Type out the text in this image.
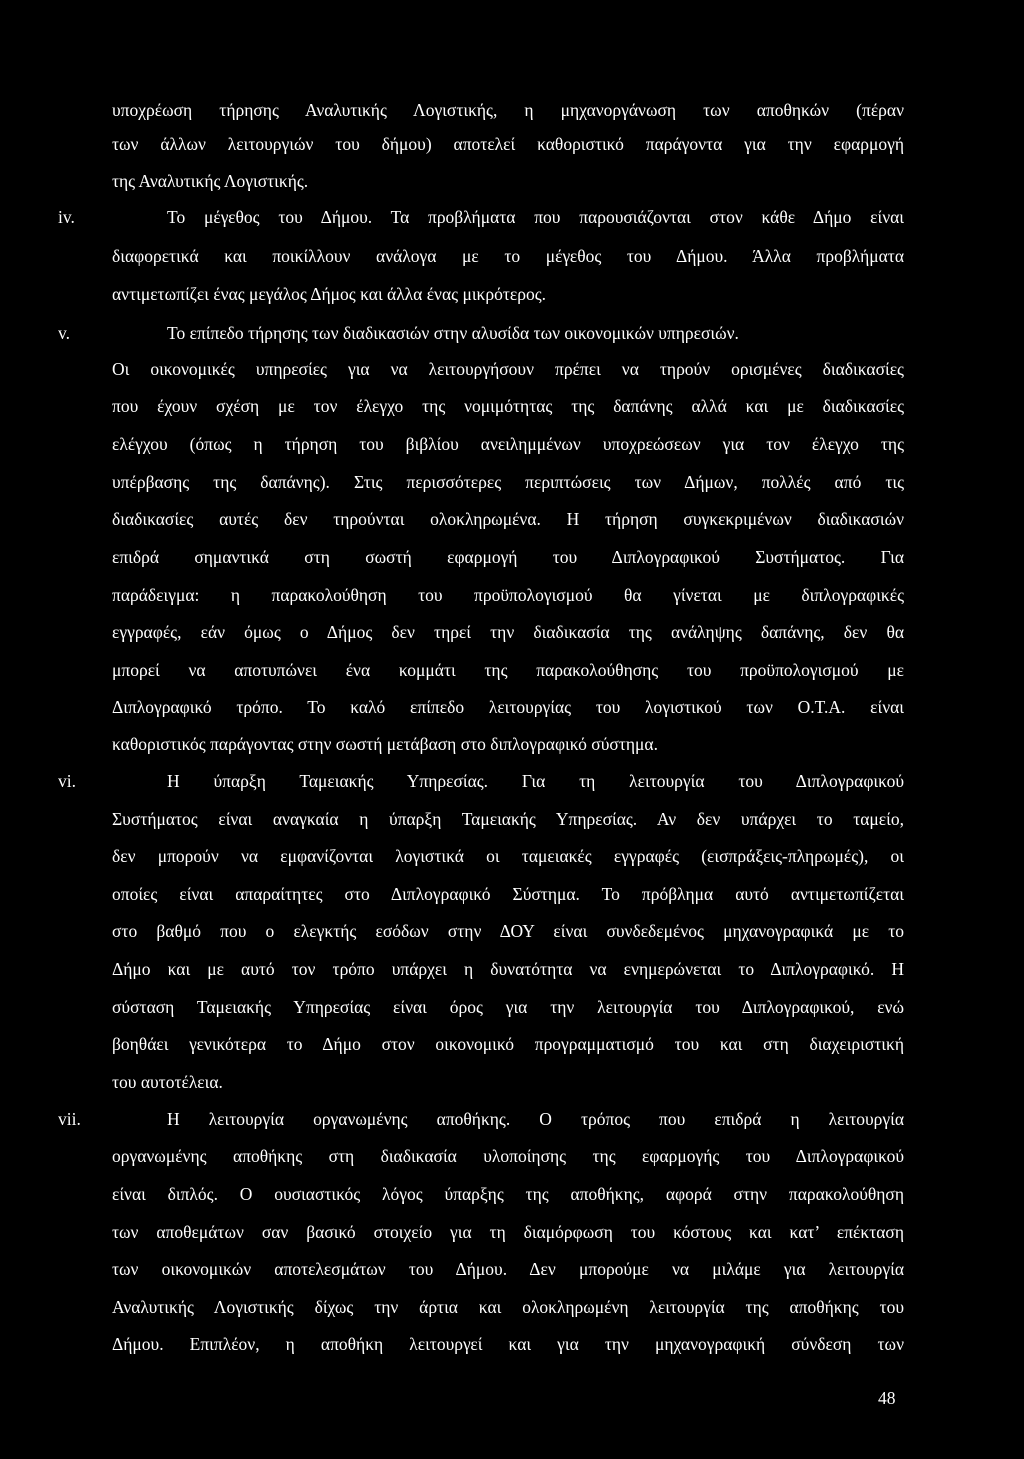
υποχρέωση τήρησης Αναλυτικής Λογιστικής, η μηχανοργάνωση των αποθηκών (πέραν
των άλλων λειτουργιών του δήμου) αποτελεί καθοριστικό παράγοντα για την εφαρμογή
της Αναλυτικής Λογιστικής.
iv.	Το μέγεθος του Δήμου. Τα προβλήματα που παρουσιάζονται στον κάθε Δήμο είναι
διαφορετικά και ποικίλλουν ανάλογα με το μέγεθος του Δήμου. Άλλα προβλήματα
αντιμετωπίζει ένας μεγάλος Δήμος και άλλα ένας μικρότερος.
v.	Το επίπεδο τήρησης των διαδικασιών στην αλυσίδα των οικονομικών υπηρεσιών.
Οι οικονομικές υπηρεσίες για να λειτουργήσουν πρέπει να τηρούν ορισμένες διαδικασίες
που έχουν σχέση με τον έλεγχο της νομιμότητας της δαπάνης αλλά και με διαδικασίες
ελέγχου (όπως η τήρηση του βιβλίου ανειλημμένων υποχρεώσεων για τον έλεγχο της
υπέρβασης της δαπάνης). Στις περισσότερες περιπτώσεις των Δήμων, πολλές από τις
διαδικασίες αυτές δεν τηρούνται ολοκληρωμένα. Η τήρηση συγκεκριμένων διαδικασιών
επιδρά σημαντικά στη σωστή εφαρμογή του Διπλογραφικού Συστήματος. Για
παράδειγμα: η παρακολούθηση του προϋπολογισμού θα γίνεται με διπλογραφικές
εγγραφές, εάν όμως ο Δήμος δεν τηρεί την διαδικασία της ανάληψης δαπάνης, δεν θα
μπορεί να αποτυπώνει ένα κομμάτι της παρακολούθησης του προϋπολογισμού με
Διπλογραφικό τρόπο. Το καλό επίπεδο λειτουργίας του λογιστικού των Ο.Τ.Α. είναι
καθοριστικός παράγοντας στην σωστή μετάβαση στο διπλογραφικό σύστημα.
vi.	Η ύπαρξη Ταμειακής Υπηρεσίας. Για τη λειτουργία του Διπλογραφικού
Συστήματος είναι αναγκαία η ύπαρξη Ταμειακής Υπηρεσίας. Αν δεν υπάρχει το ταμείο,
δεν μπορούν να εμφανίζονται λογιστικά οι ταμειακές εγγραφές (εισπράξεις-πληρωμές), οι
οποίες είναι απαραίτητες στο Διπλογραφικό Σύστημα. Το πρόβλημα αυτό αντιμετωπίζεται
στο βαθμό που ο ελεγκτής εσόδων στην ΔΟΥ είναι συνδεδεμένος μηχανογραφικά με το
Δήμο και με αυτό τον τρόπο υπάρχει η δυνατότητα να ενημερώνεται το Διπλογραφικό. Η
σύσταση Ταμειακής Υπηρεσίας είναι όρος για την λειτουργία του Διπλογραφικού, ενώ
βοηθάει γενικότερα το Δήμο στον οικονομικό προγραμματισμό του και στη διαχειριστική
του αυτοτέλεια.
vii.	Η λειτουργία οργανωμένης αποθήκης. Ο τρόπος που επιδρά η λειτουργία
οργανωμένης αποθήκης στη διαδικασία υλοποίησης της εφαρμογής του Διπλογραφικού
είναι διπλός. Ο ουσιαστικός λόγος ύπαρξης της αποθήκης, αφορά στην παρακολούθηση
των αποθεμάτων σαν βασικό στοιχείο για τη διαμόρφωση του κόστους και κατ’ επέκταση
των οικονομικών αποτελεσμάτων του Δήμου. Δεν μπορούμε να μιλάμε για λειτουργία
Αναλυτικής Λογιστικής δίχως την άρτια και ολοκληρωμένη λειτουργία της αποθήκης του
Δήμου. Επιπλέον, η αποθήκη λειτουργεί και για την μηχανογραφική σύνδεση των
48
